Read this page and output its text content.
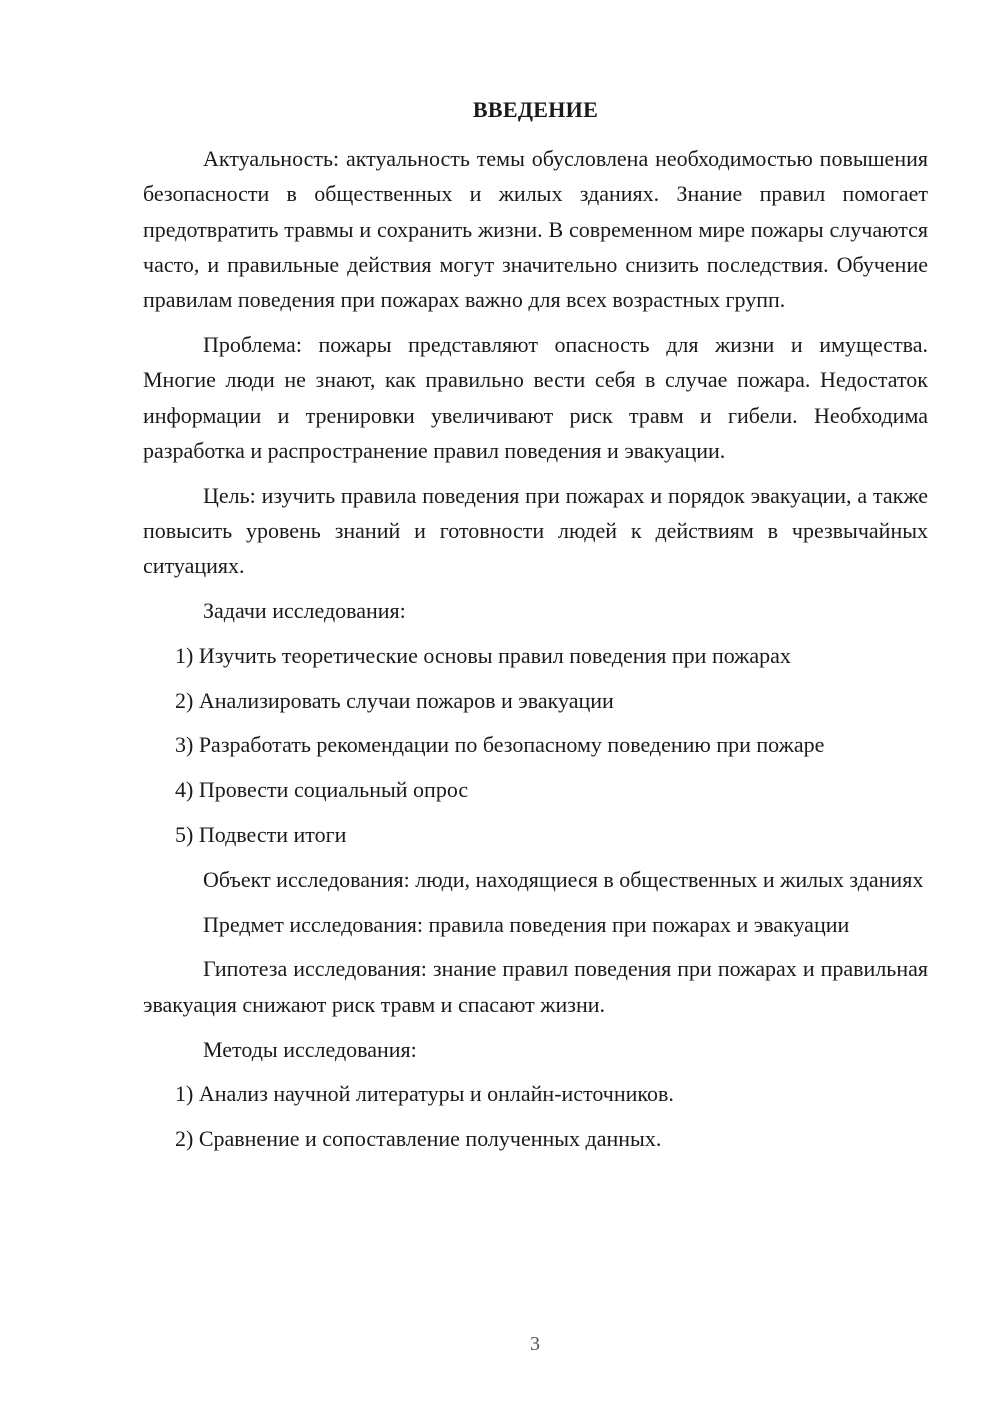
ВВЕДЕНИЕ

Актуальность: актуальность темы обусловлена необходимостью повышения безопасности в общественных и жилых зданиях. Знание правил помогает предотвратить травмы и сохранить жизни. В современном мире пожары случаются часто, и правильные действия могут значительно снизить последствия. Обучение правилам поведения при пожарах важно для всех возрастных групп.

Проблема: пожары представляют опасность для жизни и имущества. Многие люди не знают, как правильно вести себя в случае пожара. Недостаток информации и тренировки увеличивают риск травм и гибели. Необходима разработка и распространение правил поведения и эвакуации.

Цель: изучить правила поведения при пожарах и порядок эвакуации, а также повысить уровень знаний и готовности людей к действиям в чрезвычайных ситуациях.

Задачи исследования:

1) Изучить теоретические основы правил поведения при пожарах

2) Анализировать случаи пожаров и эвакуации

3) Разработать рекомендации по безопасному поведению при пожаре

4) Провести социальный опрос

5) Подвести итоги

Объект исследования: люди, находящиеся в общественных и жилых зданиях

Предмет исследования: правила поведения при пожарах и эвакуации

Гипотеза исследования: знание правил поведения при пожарах и правильная эвакуация снижают риск травм и спасают жизни.

Методы исследования:

1) Анализ научной литературы и онлайн-источников.

2) Сравнение и сопоставление полученных данных.

3
